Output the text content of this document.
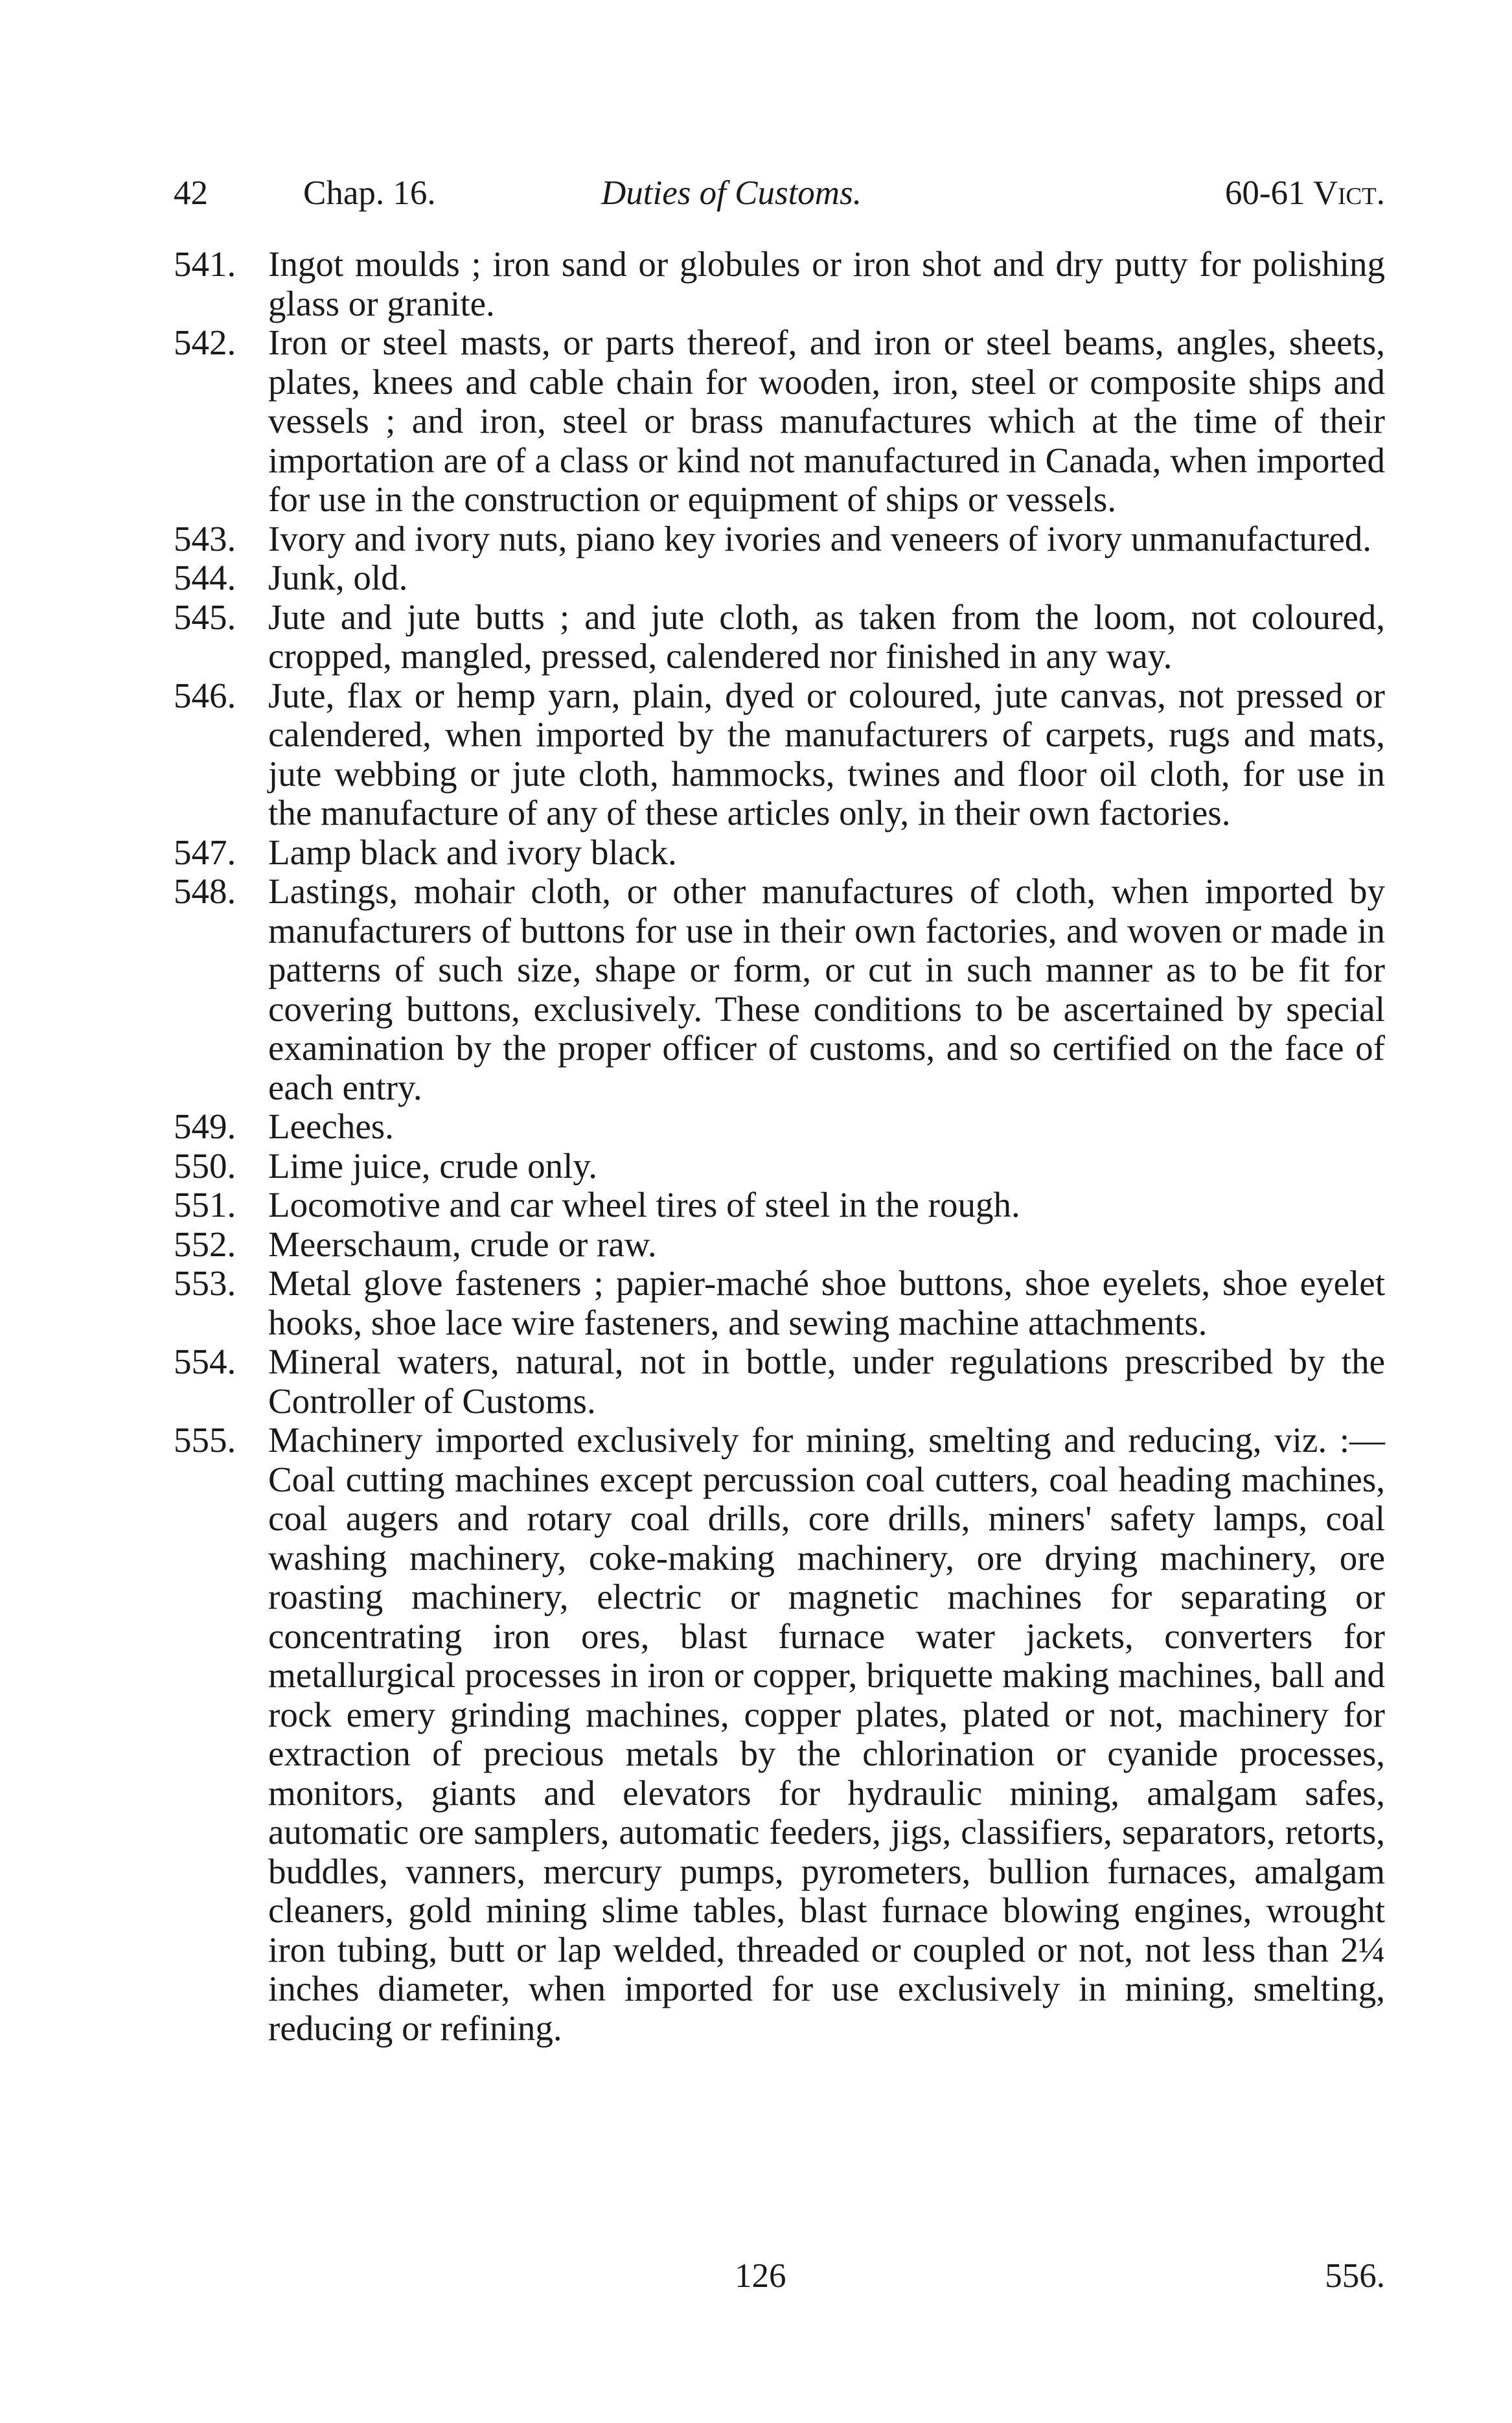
42	Chap. 16.	Duties of Customs.	60-61 Vict.
541. Ingot moulds ; iron sand or globules or iron shot and dry putty for polishing glass or granite.
542. Iron or steel masts, or parts thereof, and iron or steel beams, angles, sheets, plates, knees and cable chain for wooden, iron, steel or composite ships and vessels ; and iron, steel or brass manufactures which at the time of their importation are of a class or kind not manufactured in Canada, when imported for use in the construction or equipment of ships or vessels.
543. Ivory and ivory nuts, piano key ivories and veneers of ivory unmanufactured.
544. Junk, old.
545. Jute and jute butts ; and jute cloth, as taken from the loom, not coloured, cropped, mangled, pressed, calendered nor finished in any way.
546. Jute, flax or hemp yarn, plain, dyed or coloured, jute canvas, not pressed or calendered, when imported by the manufacturers of carpets, rugs and mats, jute webbing or jute cloth, hammocks, twines and floor oil cloth, for use in the manufacture of any of these articles only, in their own factories.
547. Lamp black and ivory black.
548. Lastings, mohair cloth, or other manufactures of cloth, when imported by manufacturers of buttons for use in their own factories, and woven or made in patterns of such size, shape or form, or cut in such manner as to be fit for covering buttons, exclusively. These conditions to be ascertained by special examination by the proper officer of customs, and so certified on the face of each entry.
549. Leeches.
550. Lime juice, crude only.
551. Locomotive and car wheel tires of steel in the rough.
552. Meerschaum, crude or raw.
553. Metal glove fasteners ; papier-maché shoe buttons, shoe eyelets, shoe eyelet hooks, shoe lace wire fasteners, and sewing machine attachments.
554. Mineral waters, natural, not in bottle, under regulations prescribed by the Controller of Customs.
555. Machinery imported exclusively for mining, smelting and reducing, viz. :—Coal cutting machines except percussion coal cutters, coal heading machines, coal augers and rotary coal drills, core drills, miners' safety lamps, coal washing machinery, coke-making machinery, ore drying machinery, ore roasting machinery, electric or magnetic machines for separating or concentrating iron ores, blast furnace water jackets, converters for metallurgical processes in iron or copper, briquette making machines, ball and rock emery grinding machines, copper plates, plated or not, machinery for extraction of precious metals by the chlorination or cyanide processes, monitors, giants and elevators for hydraulic mining, amalgam safes, automatic ore samplers, automatic feeders, jigs, classifiers, separators, retorts, buddles, vanners, mercury pumps, pyrometers, bullion furnaces, amalgam cleaners, gold mining slime tables, blast furnace blowing engines, wrought iron tubing, butt or lap welded, threaded or coupled or not, not less than 2¼ inches diameter, when imported for use exclusively in mining, smelting, reducing or refining.
126	556.
